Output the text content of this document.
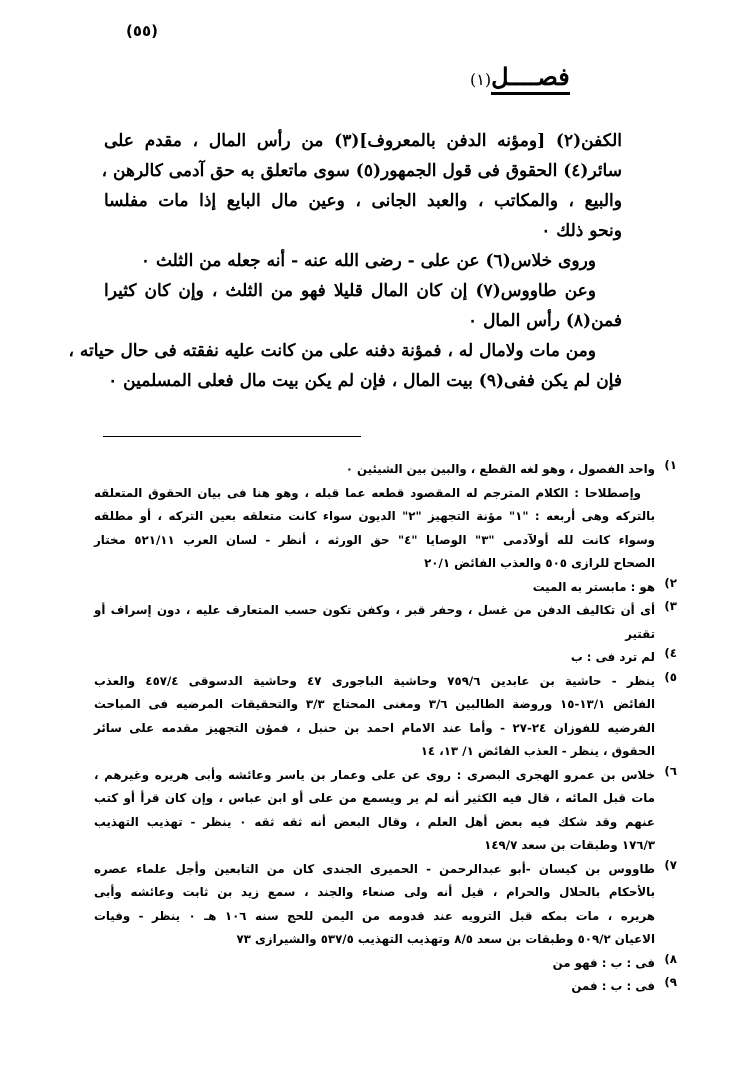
(٥٥)
فصــــل(١)
الكفن(٢) [ومؤنه الدفن بالمعروف](٣) من رأس المال ، مقدم على
سائر(٤) الحقوق فى قول الجمهور(٥) سوى ماتعلق به حق آدمى كالرهن ،
والبيع ، والمكاتب ، والعبد الجانى ، وعين مال البايع إذا مات مفلسا
ونحو ذلك ٠
وروى خلاس(٦) عن على - رضى الله عنه - أنه جعله من الثلث ٠
وعن طاووس(٧) إن كان المال قليلا فهو من الثلث ، وإن كان كثيرا
فمن(٨) رأس المال ٠
ومن مات ولامال له ، فمؤنة دفنه على من كانت عليه نفقته فى حال حياته ،
فإن لم يكن ففى(٩) بيت المال ، فإن لم يكن بيت مال فعلى المسلمين ٠
١)
واحد الفصول ، وهو لغه القطع ، والبين بين الشيئين ٠
وإصطلاحا : الكلام المترجم له المقصود قطعه عما قبله ، وهو هنا فى بيان الحقوق المتعلقه
بالتركه وهى أربعه : "١" مؤنة التجهيز "٢" الديون سواء كانت متعلقه بعين التركه ، أو مطلقه
وسواء كانت لله أولآدمى "٣" الوصايا "٤" حق الورثه ، أنظر - لسان العرب ٥٢١/١١ مختار
الصحاح للرازى ٥٠٥ والعذب الفائض ٢٠/١
٢)
هو : مابستر به الميت
٣)
أى أن تكاليف الدفن من غسل ، وحفر قبر ، وكفن تكون حسب المتعارف عليه ، دون إسراف أو
تقتير
٤)
لم ترد فى : ب
٥)
ينظر - حاشية بن عابدين ٧٥٩/٦ وحاشية الباجورى ٤٧ وحاشية الدسوقى ٤٥٧/٤ والعذب
الفائض ١٣/١-١٥ وروضة الطالبين ٣/٦ ومغنى المحتاج ٣/٣ والتحقيقات المرضيه فى المباحث
الفرضيه للفوزان ٢٤-٢٧ - وأما عند الامام احمد بن حنبل ، فمؤن التجهيز مقدمه على سائر
الحقوق ، ينظر - العذب الفائض ١/ ١٣، ١٤
٦)
خلاس بن عمرو الهجرى البصرى : روى عن على وعمار بن ياسر وعائشه وأبى هريره وغيرهم ،
مات قبل المائه ، قال فيه الكثير أنه لم ير ويسمع من على أو ابن عباس ، وإن كان قرأ أو كتب
عنهم وقد شكك فيه بعض أهل العلم ، وقال البعض أنه ثقه ثقه ٠ ينظر - تهذيب التهذيب
١٧٦/٣ وطبقات بن سعد ١٤٩/٧
٧)
طاووس بن كيسان -أبو عبدالرحمن - الحميرى الجندى كان من التابعين وأجل علماء عصره
بالأحكام بالحلال والحرام ، قيل أنه ولى صنعاء والجند ، سمع زيد بن ثابت وعائشه وأبى
هريره ، مات بمكه قبل الترويه عند قدومه من اليمن للحج سنه ١٠٦ هـ ٠ ينظر - وفيات
الاعيان ٥٠٩/٢ وطبقات بن سعد ٨/٥ وتهذيب التهذيب ٥٣٧/٥ والشيرازى ٧٣
٨)
فى : ب : فهو من
٩)
فى : ب : فمن
